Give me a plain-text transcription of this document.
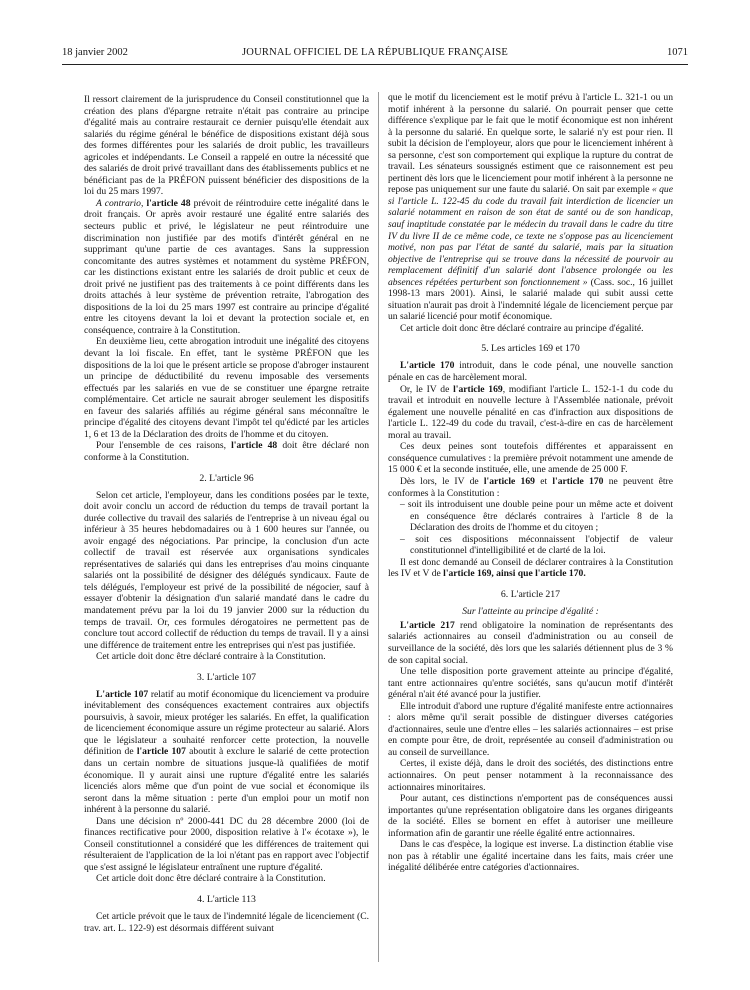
18 janvier 2002	JOURNAL OFFICIEL DE LA RÉPUBLIQUE FRANÇAISE	1071

Il ressort clairement de la jurisprudence du Conseil constitutionnel que la création des plans d'épargne retraite n'était pas contraire au principe d'égalité mais au contraire restaurait ce dernier puisqu'elle étendait aux salariés du régime général le bénéfice de dispositions existant déjà sous des formes différentes pour les salariés de droit public, les travailleurs agricoles et indépendants. Le Conseil a rappelé en outre la nécessité que des salariés de droit privé travaillant dans des établissements publics et ne bénéficiant pas de la PRÉFON puissent bénéficier des dispositions de la loi du 25 mars 1997.

A contrario, l'article 48 prévoit de réintroduire cette inégalité dans le droit français. Or après avoir restauré une égalité entre salariés des secteurs public et privé, le législateur ne peut réintroduire une discrimination non justifiée par des motifs d'intérêt général en ne supprimant qu'une partie de ces avantages. Sans la suppression concomitante des autres systèmes et notamment du système PRÉFON, car les distinctions existant entre les salariés de droit public et ceux de droit privé ne justifient pas des traitements à ce point différents dans les droits attachés à leur système de prévention retraite, l'abrogation des dispositions de la loi du 25 mars 1997 est contraire au principe d'égalité entre les citoyens devant la loi et devant la protection sociale et, en conséquence, contraire à la Constitution.

En deuxième lieu, cette abrogation introduit une inégalité des citoyens devant la loi fiscale. En effet, tant le système PRÉFON que les dispositions de la loi que le présent article se propose d'abroger instaurent un principe de déductibilité du revenu imposable des versements effectués par les salariés en vue de se constituer une épargne retraite complémentaire. Cet article ne saurait abroger seulement les dispositifs en faveur des salariés affiliés au régime général sans méconnaître le principe d'égalité des citoyens devant l'impôt tel qu'édicté par les articles 1, 6 et 13 de la Déclaration des droits de l'homme et du citoyen.

Pour l'ensemble de ces raisons, l'article 48 doit être déclaré non conforme à la Constitution.

2. L'article 96

Selon cet article, l'employeur, dans les conditions posées par le texte, doit avoir conclu un accord de réduction du temps de travail portant la durée collective du travail des salariés de l'entreprise à un niveau égal ou inférieur à 35 heures hebdomadaires ou à 1 600 heures sur l'année, ou avoir engagé des négociations. Par principe, la conclusion d'un acte collectif de travail est réservée aux organisations syndicales représentatives de salariés qui dans les entreprises d'au moins cinquante salariés ont la possibilité de désigner des délégués syndicaux. Faute de tels délégués, l'employeur est privé de la possibilité de négocier, sauf à essayer d'obtenir la désignation d'un salarié mandaté dans le cadre du mandatement prévu par la loi du 19 janvier 2000 sur la réduction du temps de travail. Or, ces formules dérogatoires ne permettent pas de conclure tout accord collectif de réduction du temps de travail. Il y a ainsi une différence de traitement entre les entreprises qui n'est pas justifiée.

Cet article doit donc être déclaré contraire à la Constitution.

3. L'article 107

L'article 107 relatif au motif économique du licenciement va produire inévitablement des conséquences exactement contraires aux objectifs poursuivis, à savoir, mieux protéger les salariés. En effet, la qualification de licenciement économique assure un régime protecteur au salarié. Alors que le législateur a souhaité renforcer cette protection, la nouvelle définition de l'article 107 aboutit à exclure le salarié de cette protection dans un certain nombre de situations jusque-là qualifiées de motif économique. Il y aurait ainsi une rupture d'égalité entre les salariés licenciés alors même que d'un point de vue social et économique ils seront dans la même situation : perte d'un emploi pour un motif non inhérent à la personne du salarié.

Dans une décision nº 2000-441 DC du 28 décembre 2000 (loi de finances rectificative pour 2000, disposition relative à l'« écotaxe »), le Conseil constitutionnel a considéré que les différences de traitement qui résulteraient de l'application de la loi n'étant pas en rapport avec l'objectif que s'est assigné le législateur entraînent une rupture d'égalité.

Cet article doit donc être déclaré contraire à la Constitution.

4. L'article 113

Cet article prévoit que le taux de l'indemnité légale de licenciement (C. trav. art. L. 122-9) est désormais différent suivant

que le motif du licenciement est le motif prévu à l'article L. 321-1 ou un motif inhérent à la personne du salarié. On pourrait penser que cette différence s'explique par le fait que le motif économique est non inhérent à la personne du salarié. En quelque sorte, le salarié n'y est pour rien. Il subit la décision de l'employeur, alors que pour le licenciement inhérent à sa personne, c'est son comportement qui explique la rupture du contrat de travail. Les sénateurs soussignés estiment que ce raisonnement est peu pertinent dès lors que le licenciement pour motif inhérent à la personne ne repose pas uniquement sur une faute du salarié. On sait par exemple « que si l'article L. 122-45 du code du travail fait interdiction de licencier un salarié notamment en raison de son état de santé ou de son handicap, sauf inaptitude constatée par le médecin du travail dans le cadre du titre IV du livre II de ce même code, ce texte ne s'oppose pas au licenciement motivé, non pas par l'état de santé du salarié, mais par la situation objective de l'entreprise qui se trouve dans la nécessité de pourvoir au remplacement définitif d'un salarié dont l'absence prolongée ou les absences répétées perturbent son fonctionnement » (Cass. soc., 16 juillet 1998-13 mars 2001). Ainsi, le salarié malade qui subit aussi cette situation n'aurait pas droit à l'indemnité légale de licenciement perçue par un salarié licencié pour motif économique.

Cet article doit donc être déclaré contraire au principe d'égalité.

5. Les articles 169 et 170

L'article 170 introduit, dans le code pénal, une nouvelle sanction pénale en cas de harcèlement moral.

Or, le IV de l'article 169, modifiant l'article L. 152-1-1 du code du travail et introduit en nouvelle lecture à l'Assemblée nationale, prévoit également une nouvelle pénalité en cas d'infraction aux dispositions de l'article L. 122-49 du code du travail, c'est-à-dire en cas de harcèlement moral au travail.

Ces deux peines sont toutefois différentes et apparaissent en conséquence cumulatives : la première prévoit notamment une amende de 15 000 € et la seconde instituée, elle, une amende de 25 000 F.

Dès lors, le IV de l'article 169 et l'article 170 ne peuvent être conformes à la Constitution :

– soit ils introduisent une double peine pour un même acte et doivent en conséquence être déclarés contraires à l'article 8 de la Déclaration des droits de l'homme et du citoyen ;
– soit ces dispositions méconnaissent l'objectif de valeur constitutionnel d'intelligibilité et de clarté de la loi.

Il est donc demandé au Conseil de déclarer contraires à la Constitution les IV et V de l'article 169, ainsi que l'article 170.

6. L'article 217
Sur l'atteinte au principe d'égalité :

L'article 217 rend obligatoire la nomination de représentants des salariés actionnaires au conseil d'administration ou au conseil de surveillance de la société, dès lors que les salariés détiennent plus de 3 % de son capital social.

Une telle disposition porte gravement atteinte au principe d'égalité, tant entre actionnaires qu'entre sociétés, sans qu'aucun motif d'intérêt général n'ait été avancé pour la justifier.

Elle introduit d'abord une rupture d'égalité manifeste entre actionnaires : alors même qu'il serait possible de distinguer diverses catégories d'actionnaires, seule une d'entre elles – les salariés actionnaires – est prise en compte pour être, de droit, représentée au conseil d'administration ou au conseil de surveillance.

Certes, il existe déjà, dans le droit des sociétés, des distinctions entre actionnaires. On peut penser notamment à la reconnaissance des actionnaires minoritaires.

Pour autant, ces distinctions n'emportent pas de conséquences aussi importantes qu'une représentation obligatoire dans les organes dirigeants de la société. Elles se bornent en effet à autoriser une meilleure information afin de garantir une réelle égalité entre actionnaires.

Dans le cas d'espèce, la logique est inverse. La distinction établie vise non pas à rétablir une égalité incertaine dans les faits, mais créer une inégalité délibérée entre catégories d'actionnaires.
